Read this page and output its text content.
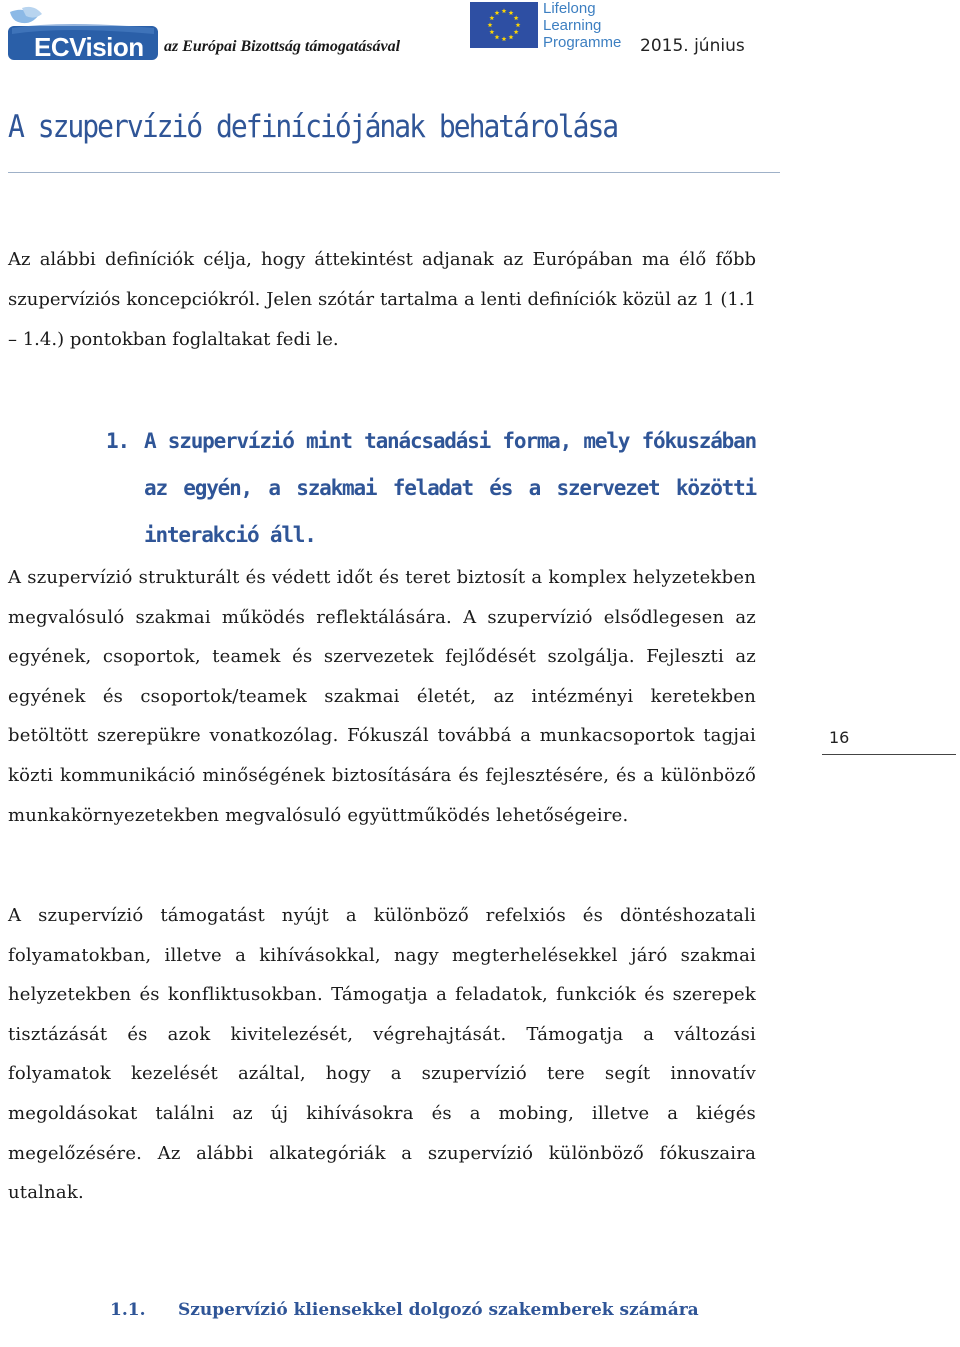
ECVision az Európai Bizottság támogatásával
Lifelong
Learning
Programme	2015. június
A szupervízió definíciójának behatárolása

Az alábbi definíciók célja, hogy áttekintést adjanak az Európában ma élő főbb szupervíziós koncepciókról. Jelen szótár tartalma a lenti definíciók közül az 1 (1.1 – 1.4.) pontokban foglaltakat fedi le.

1. A szupervízió mint tanácsadási forma, mely fókuszában az egyén, a szakmai feladat és a szervezet közötti interakció áll.

A szupervízió strukturált és védett időt és teret biztosít a komplex helyzetekben megvalósuló szakmai működés reflektálására. A szupervízió elsődlegesen az egyének, csoportok, teamek és szervezetek fejlődését szolgálja. Fejleszti az egyének és csoportok/teamek szakmai életét, az intézményi keretekben betöltött szerepükre vonatkozólag. Fókuszál továbbá a munkacsoportok tagjai közti kommunikáció minőségének biztosítására és fejlesztésére, és a különböző munkakörnyezetekben megvalósuló együttműködés lehetőségeire.

16

A szupervízió támogatást nyújt a különböző refelxiós és döntéshozatali folyamatokban, illetve a kihívásokkal, nagy megterhelésekkel járó szakmai helyzetekben és konfliktusokban. Támogatja a feladatok, funkciók és szerepek tisztázását és azok kivitelezését, végrehajtását. Támogatja a változási folyamatok kezelését azáltal, hogy a szupervízió tere segít innovatív megoldásokat találni az új kihívásokra és a mobing, illetve a kiégés megelőzésére. Az alábbi alkategóriák a szupervízió különböző fókuszaira utalnak.

1.1. Szupervízió kliensekkel dolgozó szakemberek számára
